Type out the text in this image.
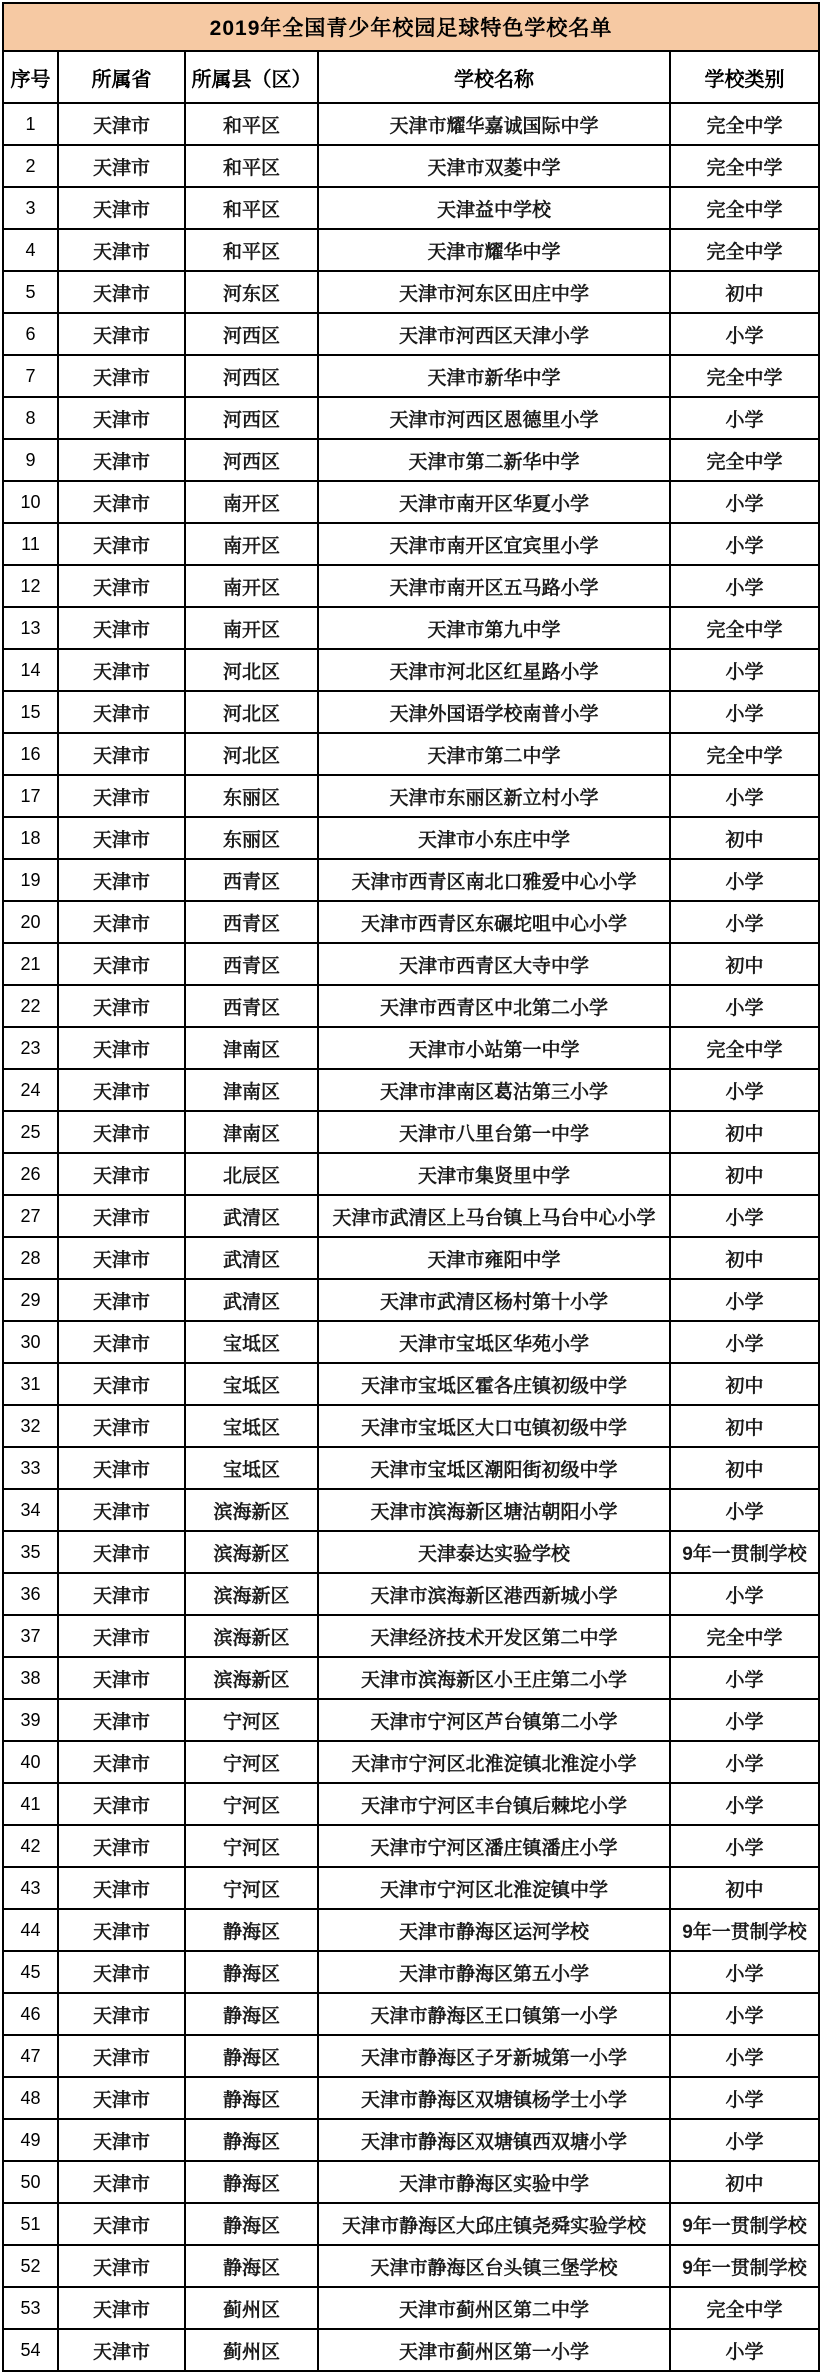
2019年全国青少年校园足球特色学校名单				
序号	所属省	所属县（区）	学校名称	学校类别
1	天津市	和平区	天津市耀华嘉诚国际中学	完全中学
2	天津市	和平区	天津市双菱中学	完全中学
3	天津市	和平区	天津益中学校	完全中学
4	天津市	和平区	天津市耀华中学	完全中学
5	天津市	河东区	天津市河东区田庄中学	初中
6	天津市	河西区	天津市河西区天津小学	小学
7	天津市	河西区	天津市新华中学	完全中学
8	天津市	河西区	天津市河西区恩德里小学	小学
9	天津市	河西区	天津市第二新华中学	完全中学
10	天津市	南开区	天津市南开区华夏小学	小学
11	天津市	南开区	天津市南开区宜宾里小学	小学
12	天津市	南开区	天津市南开区五马路小学	小学
13	天津市	南开区	天津市第九中学	完全中学
14	天津市	河北区	天津市河北区红星路小学	小学
15	天津市	河北区	天津外国语学校南普小学	小学
16	天津市	河北区	天津市第二中学	完全中学
17	天津市	东丽区	天津市东丽区新立村小学	小学
18	天津市	东丽区	天津市小东庄中学	初中
19	天津市	西青区	天津市西青区南北口雅爱中心小学	小学
20	天津市	西青区	天津市西青区东碾坨咀中心小学	小学
21	天津市	西青区	天津市西青区大寺中学	初中
22	天津市	西青区	天津市西青区中北第二小学	小学
23	天津市	津南区	天津市小站第一中学	完全中学
24	天津市	津南区	天津市津南区葛沽第三小学	小学
25	天津市	津南区	天津市八里台第一中学	初中
26	天津市	北辰区	天津市集贤里中学	初中
27	天津市	武清区	天津市武清区上马台镇上马台中心小学	小学
28	天津市	武清区	天津市雍阳中学	初中
29	天津市	武清区	天津市武清区杨村第十小学	小学
30	天津市	宝坻区	天津市宝坻区华苑小学	小学
31	天津市	宝坻区	天津市宝坻区霍各庄镇初级中学	初中
32	天津市	宝坻区	天津市宝坻区大口屯镇初级中学	初中
33	天津市	宝坻区	天津市宝坻区潮阳街初级中学	初中
34	天津市	滨海新区	天津市滨海新区塘沽朝阳小学	小学
35	天津市	滨海新区	天津泰达实验学校	9年一贯制学校
36	天津市	滨海新区	天津市滨海新区港西新城小学	小学
37	天津市	滨海新区	天津经济技术开发区第二中学	完全中学
38	天津市	滨海新区	天津市滨海新区小王庄第二小学	小学
39	天津市	宁河区	天津市宁河区芦台镇第二小学	小学
40	天津市	宁河区	天津市宁河区北淮淀镇北淮淀小学	小学
41	天津市	宁河区	天津市宁河区丰台镇后棘坨小学	小学
42	天津市	宁河区	天津市宁河区潘庄镇潘庄小学	小学
43	天津市	宁河区	天津市宁河区北淮淀镇中学	初中
44	天津市	静海区	天津市静海区运河学校	9年一贯制学校
45	天津市	静海区	天津市静海区第五小学	小学
46	天津市	静海区	天津市静海区王口镇第一小学	小学
47	天津市	静海区	天津市静海区子牙新城第一小学	小学
48	天津市	静海区	天津市静海区双塘镇杨学士小学	小学
49	天津市	静海区	天津市静海区双塘镇西双塘小学	小学
50	天津市	静海区	天津市静海区实验中学	初中
51	天津市	静海区	天津市静海区大邱庄镇尧舜实验学校	9年一贯制学校
52	天津市	静海区	天津市静海区台头镇三堡学校	9年一贯制学校
53	天津市	蓟州区	天津市蓟州区第二中学	完全中学
54	天津市	蓟州区	天津市蓟州区第一小学	小学
